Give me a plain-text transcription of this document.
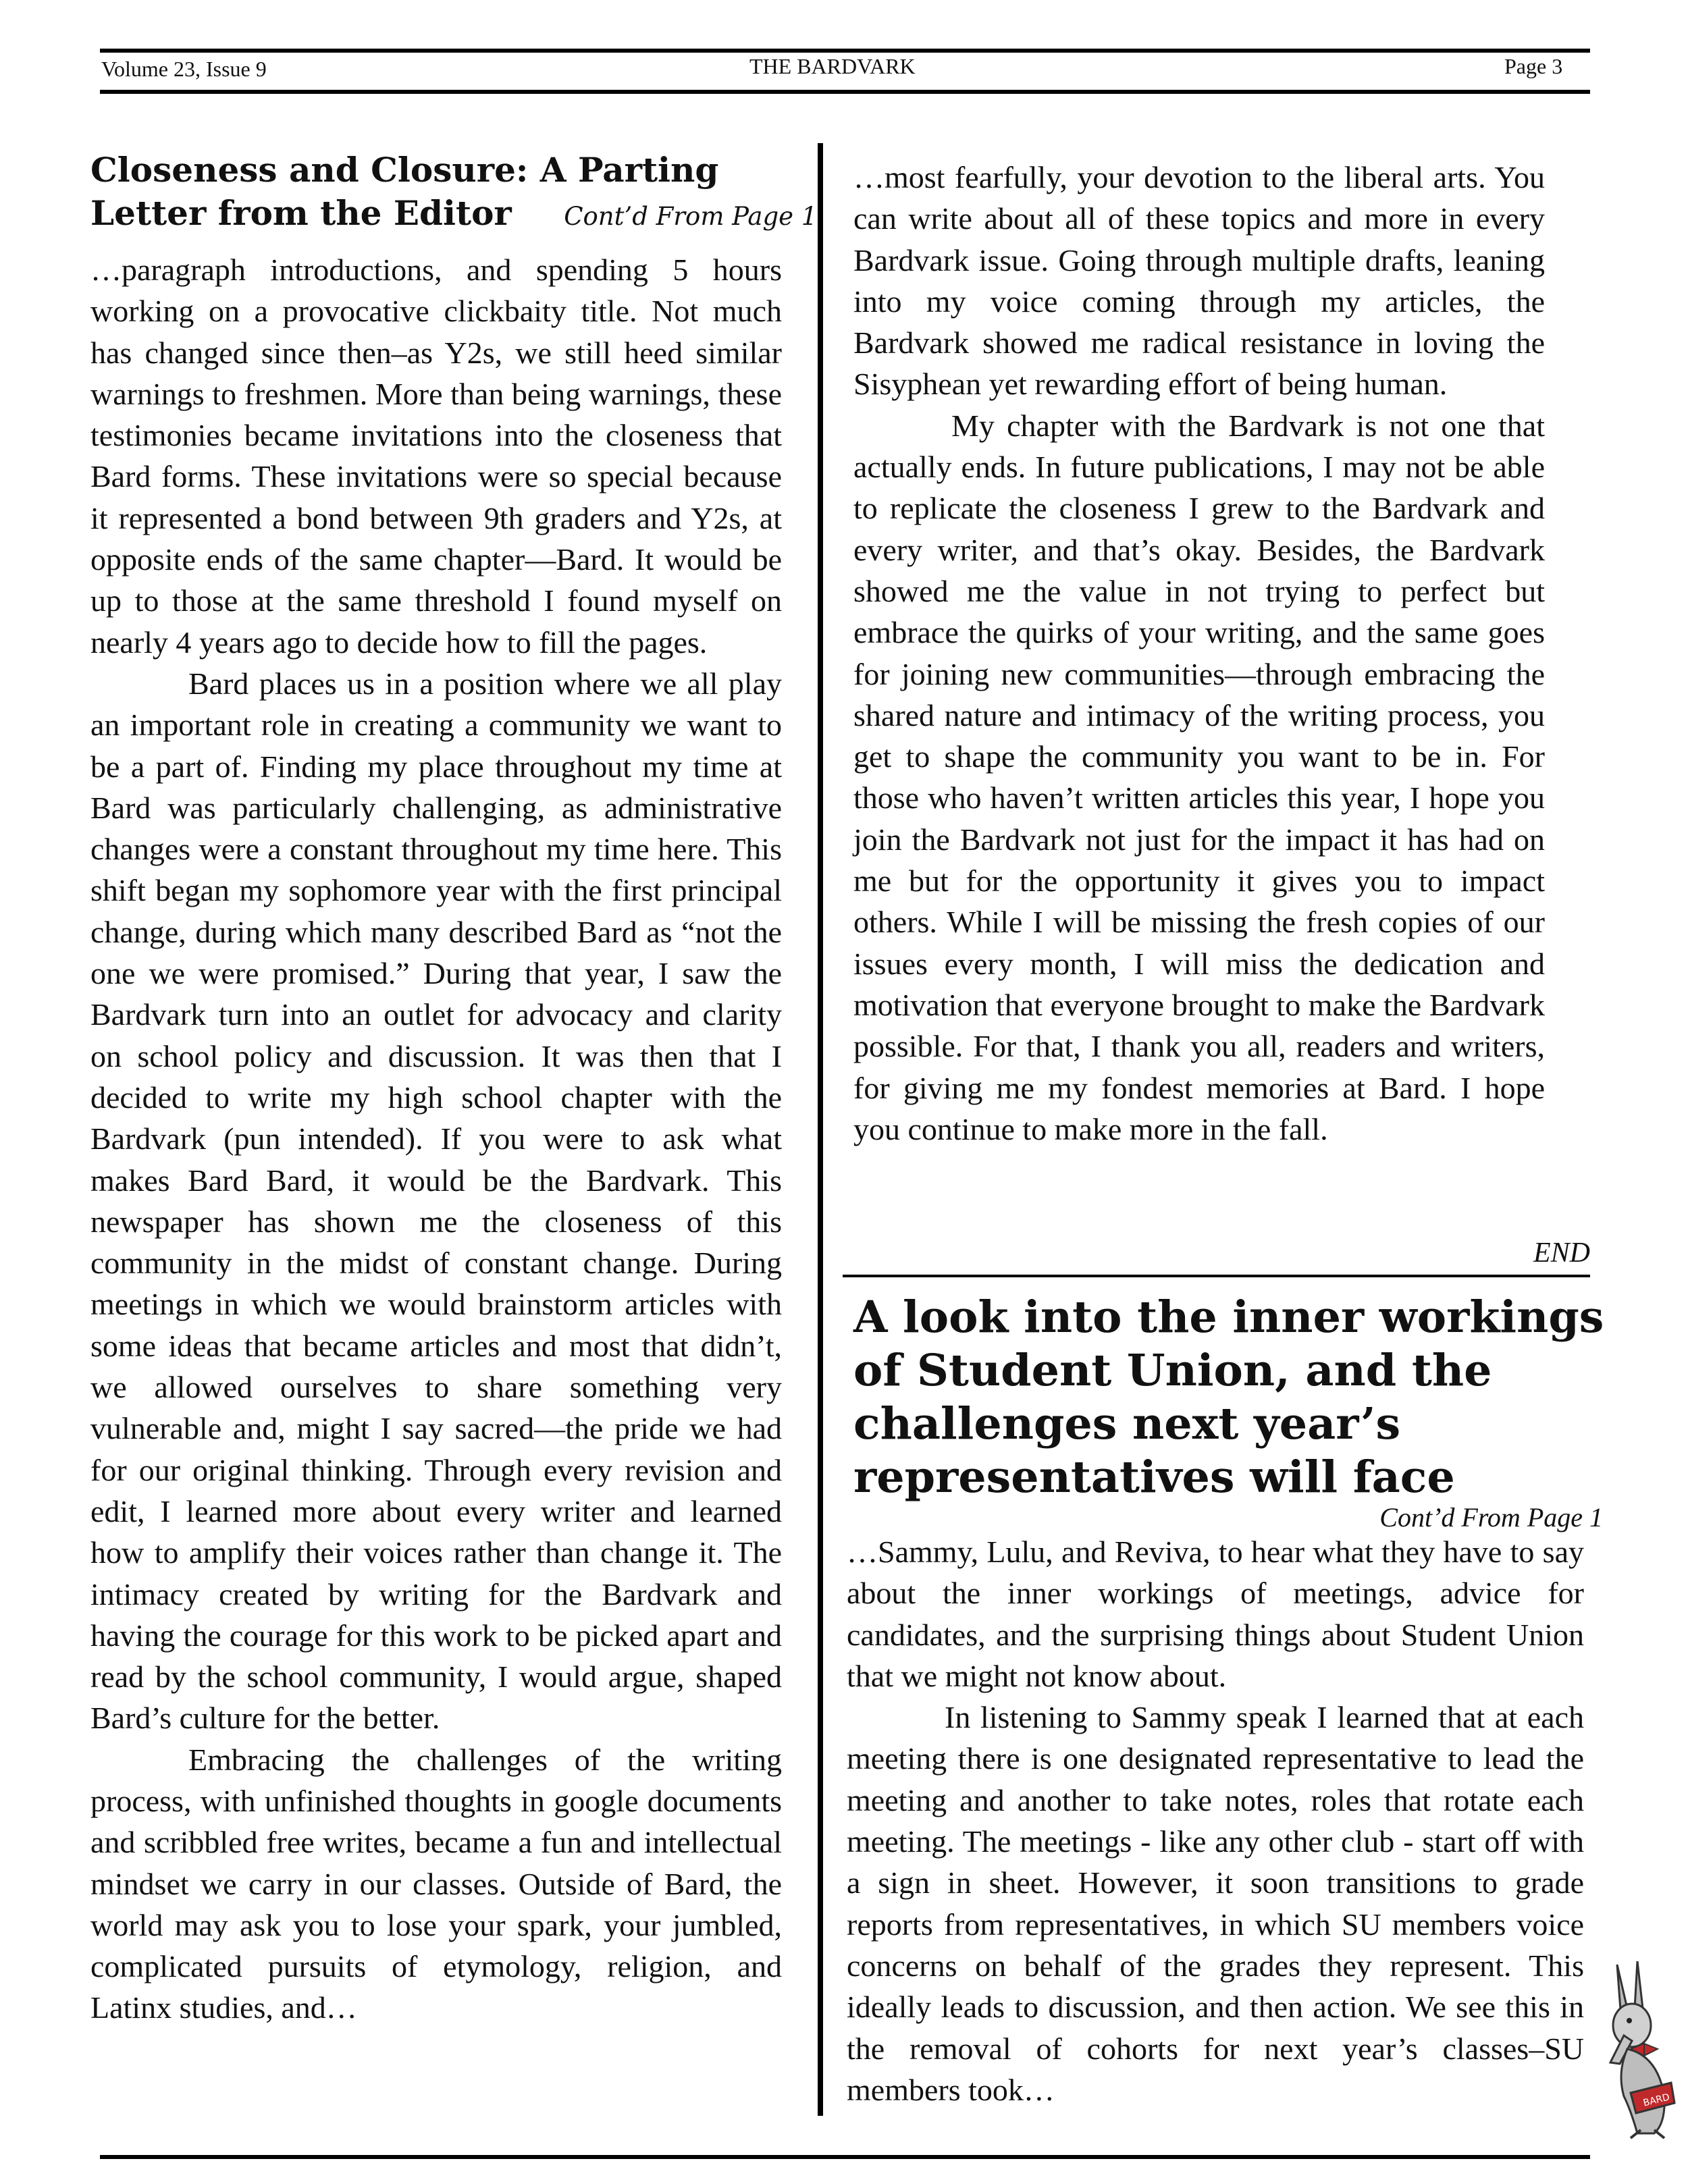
Volume 23, Issue 9	THE BARDVARK	Page 3
Closeness and Closure: A Parting
Letter from the Editor Cont’d From Page 1

…paragraph introductions, and spending 5 hours working on a provocative clickbaity title. Not much has changed since then–as Y2s, we still heed similar warnings to freshmen. More than being warnings, these testimonies became invitations into the closeness that Bard forms. These invitations were so special because it represented a bond between 9th graders and Y2s, at opposite ends of the same chapter—Bard. It would be up to those at the same threshold I found myself on nearly 4 years ago to decide how to fill the pages.

Bard places us in a position where we all play an important role in creating a community we want to be a part of. Finding my place throughout my time at Bard was particularly challenging, as administrative changes were a constant throughout my time here. This shift began my sophomore year with the first principal change, during which many described Bard as “not the one we were promised.” During that year, I saw the Bardvark turn into an outlet for advocacy and clarity on school policy and discussion. It was then that I decided to write my high school chapter with the Bardvark (pun intended). If you were to ask what makes Bard Bard, it would be the Bardvark. This newspaper has shown me the closeness of this community in the midst of constant change. During meetings in which we would brainstorm articles with some ideas that became articles and most that didn’t, we allowed ourselves to share something very vulnerable and, might I say sacred—the pride we had for our original thinking. Through every revision and edit, I learned more about every writer and learned how to amplify their voices rather than change it. The intimacy created by writing for the Bardvark and having the courage for this work to be picked apart and read by the school community, I would argue, shaped Bard’s culture for the better.

Embracing the challenges of the writing process, with unfinished thoughts in google documents and scribbled free writes, became a fun and intellectual mindset we carry in our classes. Outside of Bard, the world may ask you to lose your spark, your jumbled, complicated pursuits of etymology, religion, and Latinx studies, and…

…most fearfully, your devotion to the liberal arts. You can write about all of these topics and more in every Bardvark issue. Going through multiple drafts, leaning into my voice coming through my articles, the Bardvark showed me radical resistance in loving the Sisyphean yet rewarding effort of being human.

My chapter with the Bardvark is not one that actually ends. In future publications, I may not be able to replicate the closeness I grew to the Bardvark and every writer, and that’s okay. Besides, the Bardvark showed me the value in not trying to perfect but embrace the quirks of your writing, and the same goes for joining new communities—through embracing the shared nature and intimacy of the writing process, you get to shape the community you want to be in. For those who haven’t written articles this year, I hope you join the Bardvark not just for the impact it has had on me but for the opportunity it gives you to impact others. While I will be missing the fresh copies of our issues every month, I will miss the dedication and motivation that everyone brought to make the Bardvark possible. For that, I thank you all, readers and writers, for giving me my fondest memories at Bard. I hope you continue to make more in the fall.

END
A look into the inner workings
of Student Union, and the
challenges next year’s
representatives will face
Cont’d From Page 1

…Sammy, Lulu, and Reviva, to hear what they have to say about the inner workings of meetings, advice for candidates, and the surprising things about Student Union that we might not know about.

In listening to Sammy speak I learned that at each meeting there is one designated representative to lead the meeting and another to take notes, roles that rotate each meeting. The meetings - like any other club - start off with a sign in sheet. However, it soon transitions to grade reports from representatives, in which SU members voice concerns on behalf of the grades they represent. This ideally leads to discussion, and then action. We see this in the removal of cohorts for next year’s classes–SU members took…	BARD
